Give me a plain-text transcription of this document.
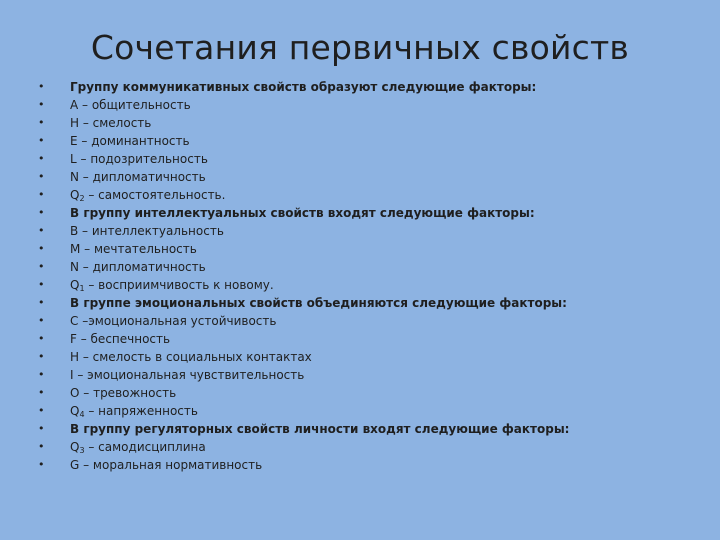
Сочетания первичных свойств
• Группу коммуникативных свойств образуют следующие факторы:
• А – общительность
• Н – смелость
• Е – доминантность
• L – подозрительность
• N – дипломатичность
• $Q_2$ – самостоятельность.
• В группу интеллектуальных свойств входят следующие факторы:
• В – интеллектуальность
• М – мечтательность
• N – дипломатичность
• $Q_1$ – восприимчивость к новому.
• В группе эмоциональных свойств объединяются следующие факторы:
• С –эмоциональная устойчивость
• F – беспечность
• Н – смелость в социальных контактах
• I – эмоциональная чувствительность
• О – тревожность
• $Q_4$ – напряженность
• В группу регуляторных свойств личности входят следующие факторы:
• $Q_3$ – самодисциплина
• G – моральная нормативность
